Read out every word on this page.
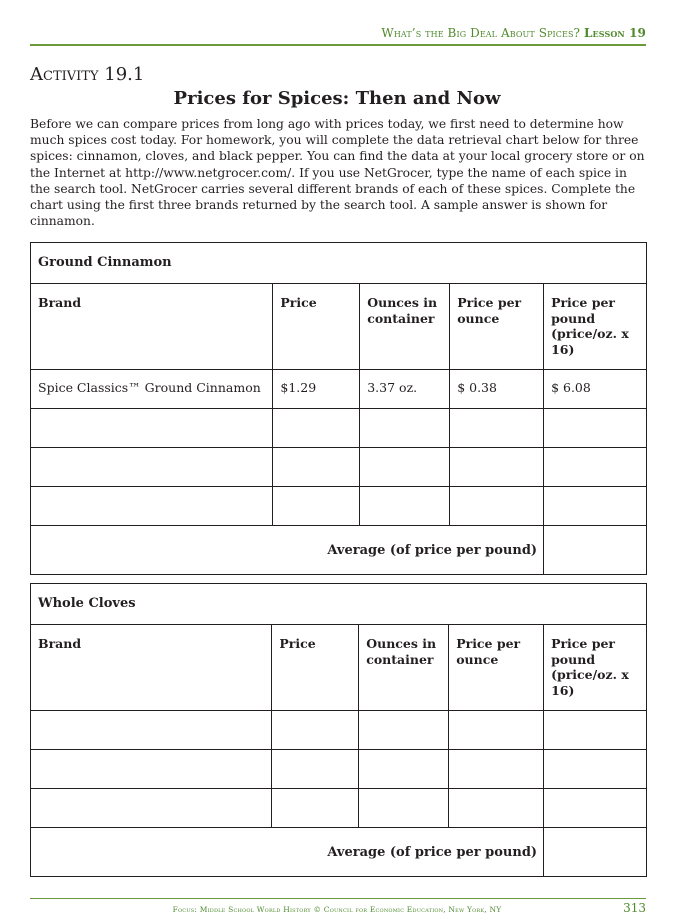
What’s the Big Deal About Spices? Lesson 19
Activity 19.1
Prices for Spices: Then and Now
Before we can compare prices from long ago with prices today, we first need to determine how much spices cost today. For homework, you will complete the data retrieval chart below for three spices: cinnamon, cloves, and black pepper. You can find the data at your local grocery store or on the Internet at http://www.netgrocer.com/. If you use NetGrocer, type the name of each spice in the search tool. NetGrocer carries several different brands of each of these spices. Complete the chart using the first three brands returned by the search tool. A sample answer is shown for cinnamon.
Ground Cinnamon				
Brand	Price	Ounces in container	Price per ounce	Price per pound (price/oz. x 16)
Spice Classics™ Ground Cinnamon	$1.29	3.37 oz.	$ 0.38	$ 6.08

Average (of price per pound)				
Whole Cloves				
Brand	Price	Ounces in container	Price per ounce	Price per pound (price/oz. x 16)

Average (of price per pound)				
Focus: Middle School World History © Council for Economic Education, New York, NY	313
